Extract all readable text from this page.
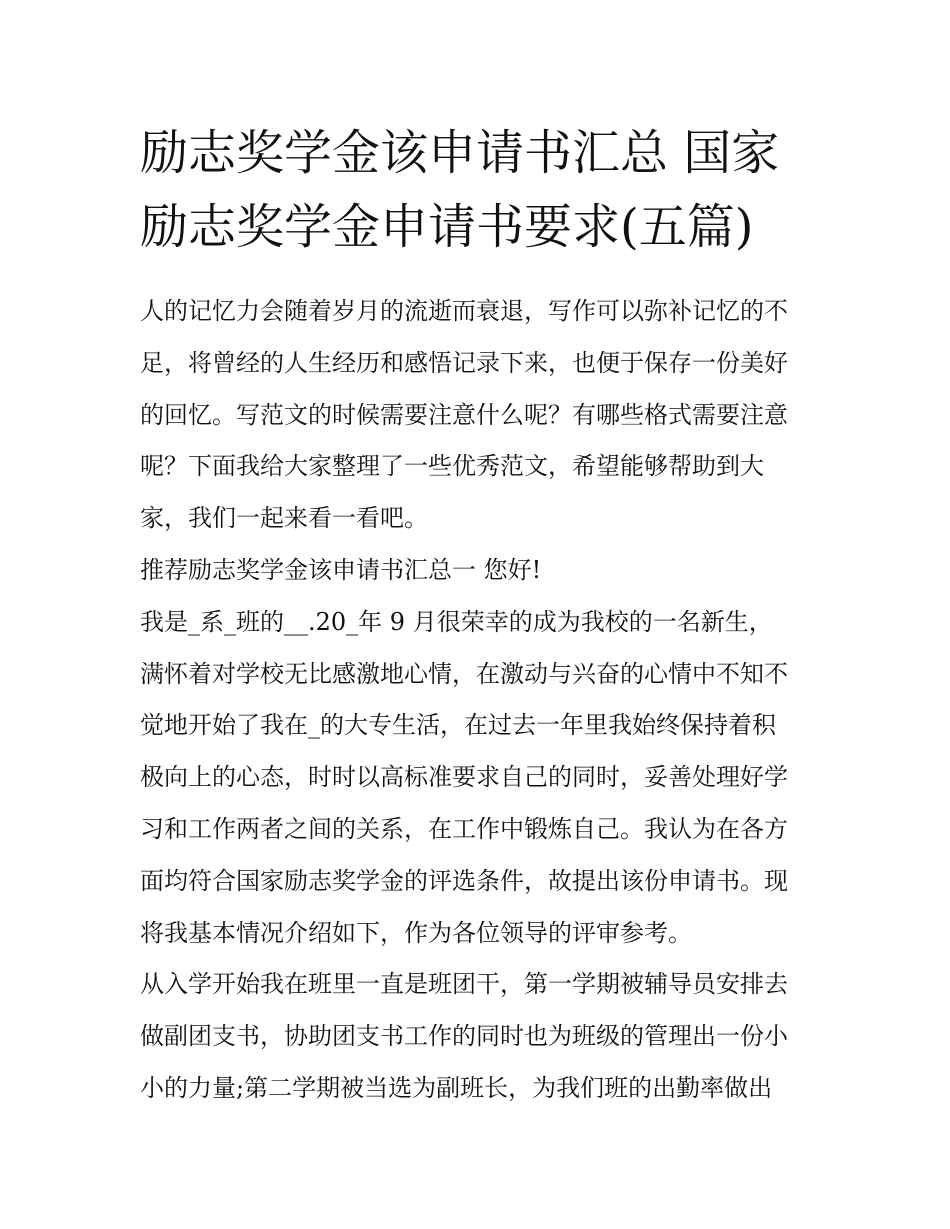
励志奖学金该申请书汇总 国家
励志奖学金申请书要求(五篇)
人的记忆力会随着岁月的流逝而衰退，写作可以弥补记忆的不
足，将曾经的人生经历和感悟记录下来，也便于保存一份美好
的回忆。写范文的时候需要注意什么呢？有哪些格式需要注意
呢？下面我给大家整理了一些优秀范文，希望能够帮助到大
家，我们一起来看一看吧。
推荐励志奖学金该申请书汇总一 您好!
我是_系_班的__.20_年 9 月很荣幸的成为我校的一名新生，
满怀着对学校无比感激地心情，在激动与兴奋的心情中不知不
觉地开始了我在_的大专生活，在过去一年里我始终保持着积
极向上的心态，时时以高标准要求自己的同时，妥善处理好学
习和工作两者之间的关系，在工作中锻炼自己。我认为在各方
面均符合国家励志奖学金的评选条件，故提出该份申请书。现
将我基本情况介绍如下，作为各位领导的评审参考。
从入学开始我在班里一直是班团干，第一学期被辅导员安排去
做副团支书，协助团支书工作的同时也为班级的管理出一份小
小的力量;第二学期被当选为副班长，为我们班的出勤率做出
